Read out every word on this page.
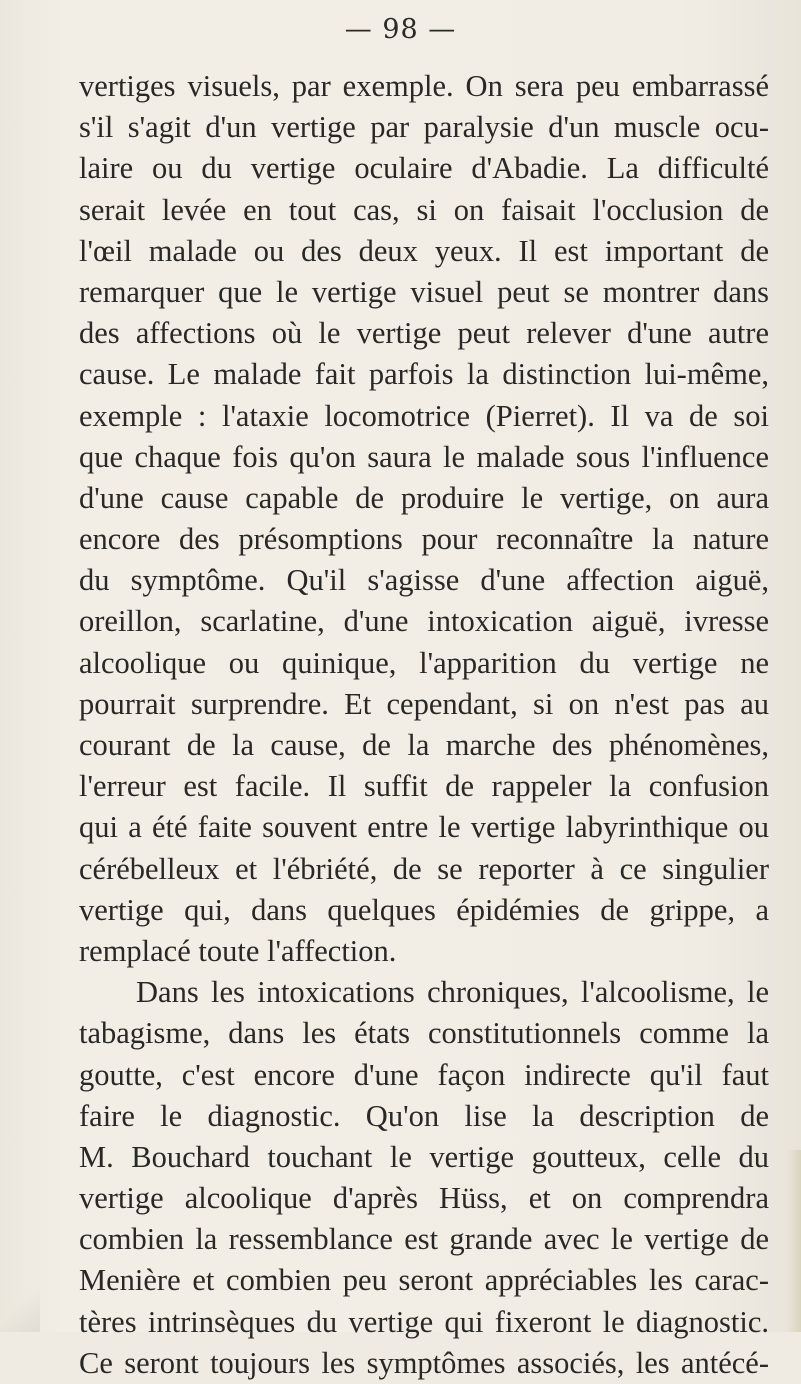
— 98 —
vertiges visuels, par exemple. On sera peu embarrassé
s'il s'agit d'un vertige par paralysie d'un muscle ocu-
laire ou du vertige oculaire d'Abadie. La difficulté
serait levée en tout cas, si on faisait l'occlusion de
l'œil malade ou des deux yeux. Il est important de
remarquer que le vertige visuel peut se montrer dans
des affections où le vertige peut relever d'une autre
cause. Le malade fait parfois la distinction lui-même,
exemple : l'ataxie locomotrice (Pierret). Il va de soi
que chaque fois qu'on saura le malade sous l'influence
d'une cause capable de produire le vertige, on aura
encore des présomptions pour reconnaître la nature
du symptôme. Qu'il s'agisse d'une affection aiguë,
oreillon, scarlatine, d'une intoxication aiguë, ivresse
alcoolique ou quinique, l'apparition du vertige ne
pourrait surprendre. Et cependant, si on n'est pas au
courant de la cause, de la marche des phénomènes,
l'erreur est facile. Il suffit de rappeler la confusion
qui a été faite souvent entre le vertige labyrinthique ou
cérébelleux et l'ébriété, de se reporter à ce singulier
vertige qui, dans quelques épidémies de grippe, a
remplacé toute l'affection.
Dans les intoxications chroniques, l'alcoolisme, le
tabagisme, dans les états constitutionnels comme la
goutte, c'est encore d'une façon indirecte qu'il faut
faire le diagnostic. Qu'on lise la description de
M. Bouchard touchant le vertige goutteux, celle du
vertige alcoolique d'après Hüss, et on comprendra
combien la ressemblance est grande avec le vertige de
Menière et combien peu seront appréciables les carac-
tères intrinsèques du vertige qui fixeront le diagnostic.
Ce seront toujours les symptômes associés, les antécé-
